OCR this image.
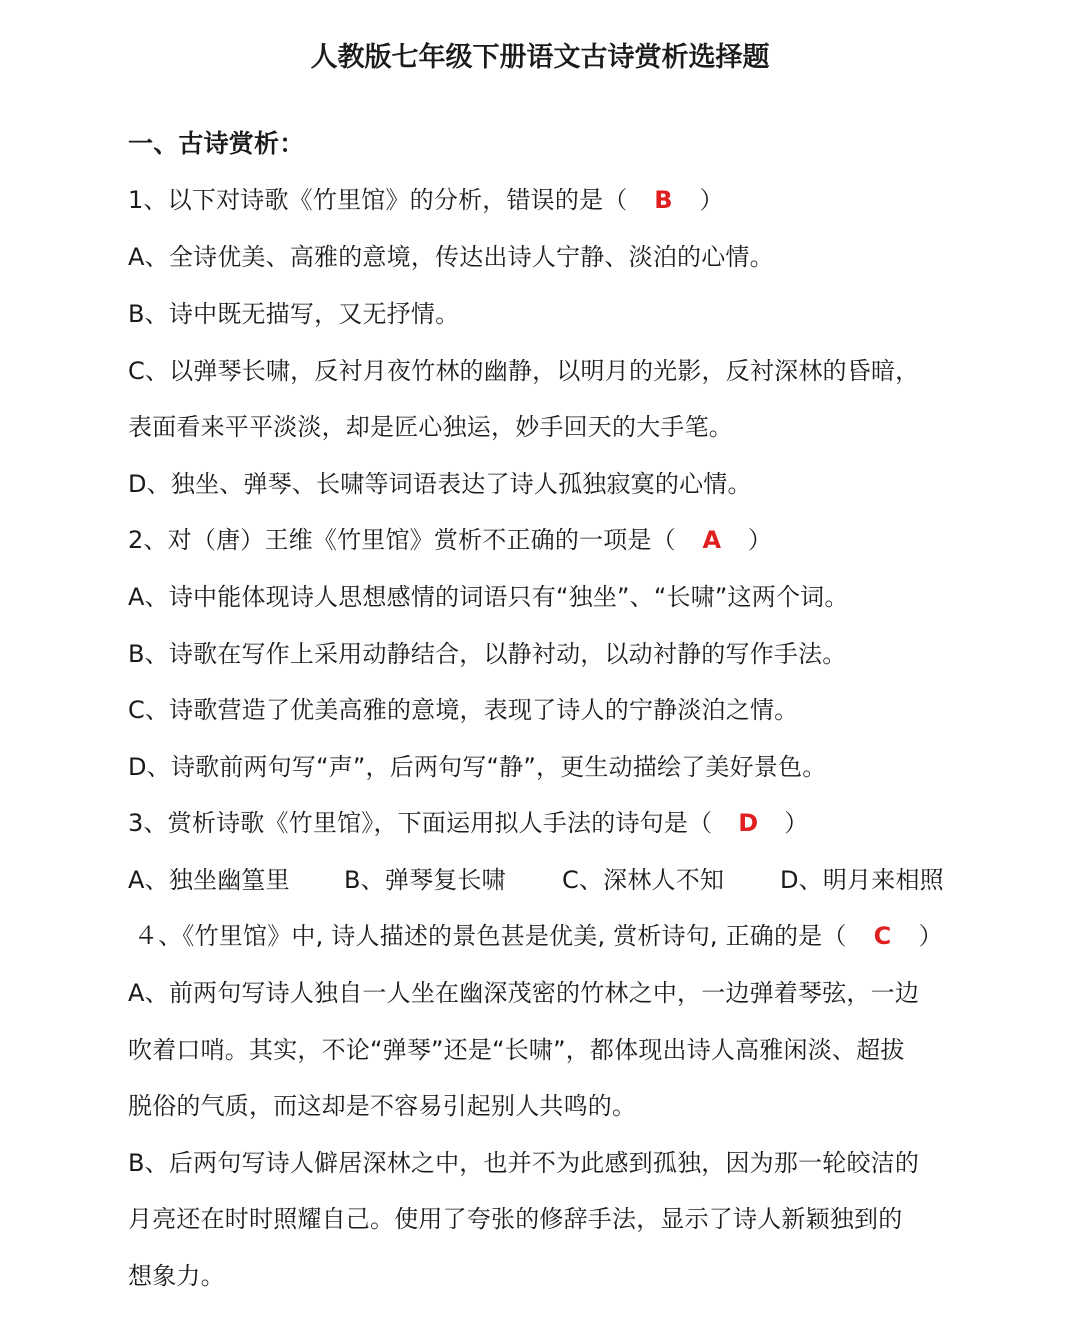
人教版七年级下册语文古诗赏析选择题
一、古诗赏析：
1、以下对诗歌《竹里馆》的分析，错误的是（ B ）
A、全诗优美、高雅的意境，传达出诗人宁静、淡泊的心情。
B、诗中既无描写，又无抒情。
C、以弹琴长啸，反衬月夜竹林的幽静，以明月的光影，反衬深林的昏暗，
表面看来平平淡淡，却是匠心独运，妙手回天的大手笔。
D、独坐、弹琴、长啸等词语表达了诗人孤独寂寞的心情。
2、对（唐）王维《竹里馆》赏析不正确的一项是（ A ）
A、诗中能体现诗人思想感情的词语只有“独坐”、“长啸”这两个词。
B、诗歌在写作上采用动静结合，以静衬动，以动衬静的写作手法。
C、诗歌营造了优美高雅的意境，表现了诗人的宁静淡泊之情。
D、诗歌前两句写“声”，后两句写“静”，更生动描绘了美好景色。
3、赏析诗歌《竹里馆》，下面运用拟人手法的诗句是（ D ）
A、独坐幽篁里 B、弹琴复长啸 C、深林人不知 D、明月来相照
４、《竹里馆》中, 诗人描述的景色甚是优美, 赏析诗句, 正确的是（ C ）
A、前两句写诗人独自一人坐在幽深茂密的竹林之中，一边弹着琴弦，一边
吹着口哨。其实，不论“弹琴”还是“长啸”，都体现出诗人高雅闲淡、超拔
脱俗的气质，而这却是不容易引起别人共鸣的。
B、后两句写诗人僻居深林之中，也并不为此感到孤独，因为那一轮皎洁的
月亮还在时时照耀自己。使用了夸张的修辞手法，显示了诗人新颖独到的
想象力。
